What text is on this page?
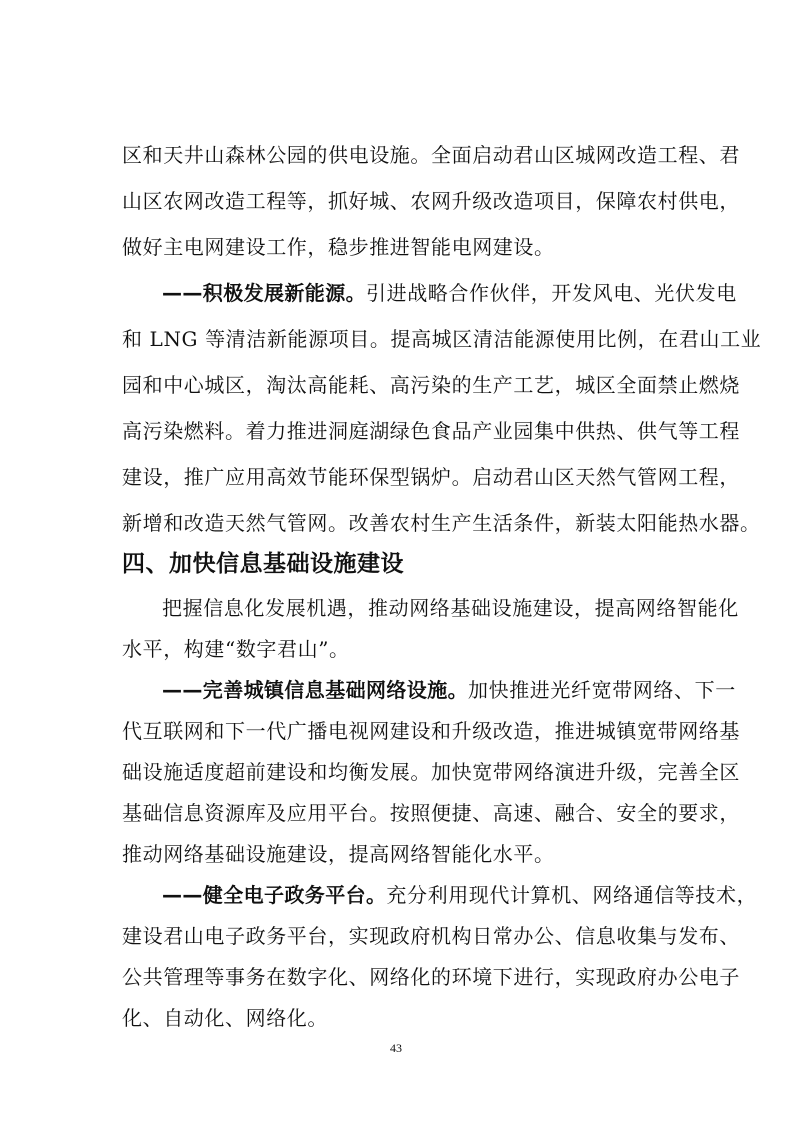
区和天井山森林公园的供电设施。全面启动君山区城网改造工程、君
山区农网改造工程等，抓好城、农网升级改造项目，保障农村供电，
做好主电网建设工作，稳步推进智能电网建设。
——积极发展新能源。引进战略合作伙伴，开发风电、光伏发电
和 LNG 等清洁新能源项目。提高城区清洁能源使用比例，在君山工业
园和中心城区，淘汰高能耗、高污染的生产工艺，城区全面禁止燃烧
高污染燃料。着力推进洞庭湖绿色食品产业园集中供热、供气等工程
建设，推广应用高效节能环保型锅炉。启动君山区天然气管网工程，
四、加快信息基础设施建设
把握信息化发展机遇，推动网络基础设施建设，提高网络智能化
水平，构建“数字君山”。
——完善城镇信息基础网络设施。加快推进光纤宽带网络、下一
代互联网和下一代广播电视网建设和升级改造，推进城镇宽带网络基
础设施适度超前建设和均衡发展。加快宽带网络演进升级，完善全区
基础信息资源库及应用平台。按照便捷、高速、融合、安全的要求，
推动网络基础设施建设，提高网络智能化水平。
——健全电子政务平台。充分利用现代计算机、网络通信等技术，
建设君山电子政务平台，实现政府机构日常办公、信息收集与发布、
公共管理等事务在数字化、网络化的环境下进行，实现政府办公电子
43
新增和改造天然气管网。改善农村生产生活条件，新装太阳能热水器。
化、自动化、网络化。
